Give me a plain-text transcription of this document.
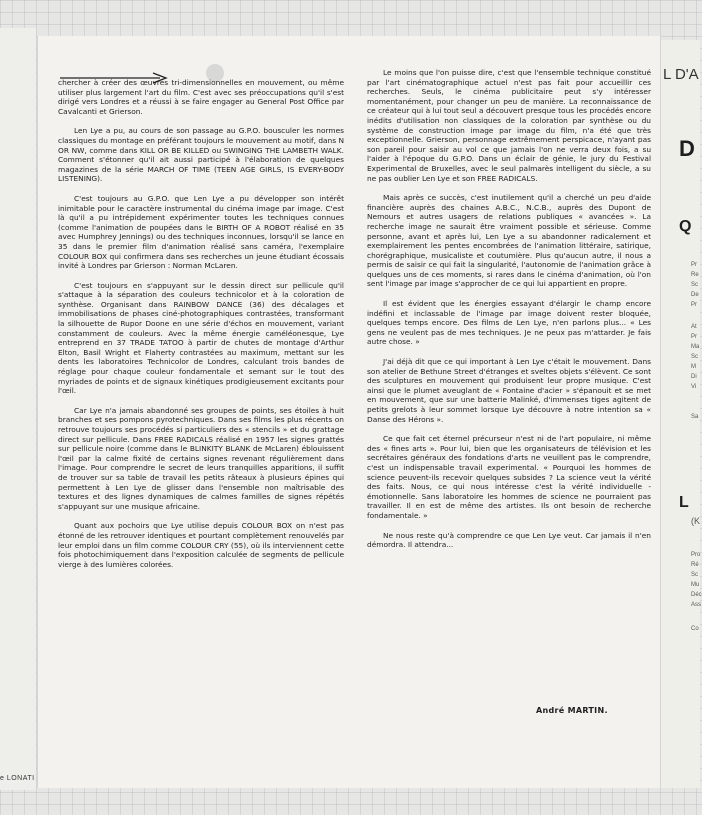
e LONATI

chercher à créer des œuvres tri-dimensionnelles en mouvement, ou même utiliser plus largement l'art du film. C'est avec ses préoccupations qu'il s'est dirigé vers Londres et a réussi à se faire engager au General Post Office par Cavalcanti et Grierson.

Len Lye a pu, au cours de son passage au G.P.O. bousculer les normes classiques du montage en préférant toujours le mouvement au motif, dans N OR NW, comme dans KILL OR BE KILLED ou SWINGING THE LAMBETH WALK. Comment s'étonner qu'il ait aussi participé à l'élaboration de quelques magazines de la série MARCH OF TIME (TEEN AGE GIRLS, IS EVERY-BODY LISTENING).

C'est toujours au G.P.O. que Len Lye a pu développer son intérêt inimitable pour le caractère instrumental du cinéma image par image. C'est là qu'il a pu intrépidement expérimenter toutes les techniques connues (comme l'animation de poupées dans le BIRTH OF A ROBOT réalisé en 35 avec Humphrey Jennings) ou des techniques inconnues, lorsqu'il se lance en 35 dans le premier film d'animation réalisé sans caméra, l'exemplaire COLOUR BOX qui confirmera dans ses recherches un jeune étudiant écossais invité à Londres par Grierson : Norman McLaren.

C'est toujours en s'appuyant sur le dessin direct sur pellicule qu'il s'attaque à la séparation des couleurs technicolor et à la coloration de synthèse. Organisant dans RAINBOW DANCE (36) des décalages et immobilisations de phases ciné-photographiques contrastées, transformant la silhouette de Rupor Doone en une série d'échos en mouvement, variant constamment de couleurs. Avec la même énergie caméléonesque, Lye entreprend en 37 TRADE TATOO à partir de chutes de montage d'Arthur Elton, Basil Wright et Flaherty contrastées au maximum, mettant sur les dents les laboratoires Technicolor de Londres, calculant trois bandes de réglage pour chaque couleur fondamentale et semant sur le tout des myriades de points et de signaux kinétiques prodigieusement excitants pour l'œil.

Car Lye n'a jamais abandonné ses groupes de points, ses étoiles à huit branches et ses pompons pyrotechniques. Dans ses films les plus récents on retrouve toujours ses procédés si particuliers des « stencils » et du grattage direct sur pellicule. Dans FREE RADICALS réalisé en 1957 les signes grattés sur pellicule noire (comme dans le BLINKITY BLANK de McLaren) éblouissent l'œil par la calme fixité de certains signes revenant régulièrement dans l'image. Pour comprendre le secret de leurs tranquilles apparitions, il suffit de trouver sur sa table de travail les petits râteaux à plusieurs épines qui permettent à Len Lye de glisser dans l'ensemble non maîtrisable des textures et des lignes dynamiques de calmes familles de signes répétés s'appuyant sur une musique africaine.

Quant aux pochoirs que Lye utilise depuis COLOUR BOX on n'est pas étonné de les retrouver identiques et pourtant complètement renouvelés par leur emploi dans un film comme COLOUR CRY (55), où ils interviennent cette fois photochimiquement dans l'exposition calculée de segments de pellicule vierge à des lumières colorées.

Le moins que l'on puisse dire, c'est que l'ensemble technique constitué par l'art cinématographique actuel n'est pas fait pour accueillir ces recherches. Seuls, le cinéma publicitaire peut s'y intéresser momentanément, pour changer un peu de manière. La reconnaissance de ce créateur qui à lui tout seul a découvert presque tous les procédés encore inédits d'utilisation non classiques de la coloration par synthèse ou du système de construction image par image du film, n'a été que très exceptionnelle. Grierson, personnage extrêmement perspicace, n'ayant pas son pareil pour saisir au vol ce que jamais l'on ne verra deux fois, a su l'aider à l'époque du G.P.O. Dans un éclair de génie, le jury du Festival Experimental de Bruxelles, avec le seul palmarès intelligent du siècle, a su ne pas oublier Len Lye et son FREE RADICALS.

Mais après ce succès, c'est inutilement qu'il a cherché un peu d'aide financière auprès des chaines A.B.C., N.C.B., auprès des Dupont de Nemours et autres usagers de relations publiques « avancées ». La recherche image ne saurait être vraiment possible et sérieuse. Comme personne, avant et après lui, Len Lye a su abandonner radicalement et exemplairement les pentes encombrées de l'animation littéraire, satirique, chorégraphique, musicaliste et coutumière. Plus qu'aucun autre, il nous a permis de saisir ce qui fait la singularité, l'autonomie de l'animation grâce à quelques uns de ces moments, si rares dans le cinéma d'animation, où l'on sent l'image par image s'approcher de ce qui lui appartient en propre.

Il est évident que les énergies essayant d'élargir le champ encore indéfini et inclassable de l'image par image doivent rester bloquée, quelques temps encore. Des films de Len Lye, n'en parlons plus... « Les gens ne veulent pas de mes techniques. Je ne peux pas m'attarder. Je fais autre chose. »

J'ai déjà dit que ce qui important à Len Lye c'était le mouvement. Dans son atelier de Bethune Street d'étranges et sveltes objets s'élèvent. Ce sont des sculptures en mouvement qui produisent leur propre musique. C'est ainsi que le plumet aveuglant de « Fontaine d'acier » s'épanouit et se met en mouvement, que sur une batterie Malinké, d'immenses tiges agitent de petits grelots à leur sommet lorsque Lye découvre à notre intention sa « Danse des Hérons ».

Ce que fait cet éternel précurseur n'est ni de l'art populaire, ni même des « fines arts ». Pour lui, bien que les organisateurs de télévision et les secrétaires généraux des fondations d'arts ne veuillent pas le comprendre, c'est un indispensable travail experimental. « Pourquoi les hommes de science peuvent-ils recevoir quelques subsides ? La science veut la vérité des faits. Nous, ce qui nous intéresse c'est la vérité individuelle - émotionnelle. Sans laboratoire les hommes de science ne pourraient pas travailler. Il en est de même des artistes. Ils ont besoin de recherche fondamentale. »

Ne nous reste qu'à comprendre ce que Len Lye veut. Car jamais il n'en démordra. Il attendra...

André MARTIN.
L D'A
D
Q
Pr
Re
Sc
De
Pr
At
Pr
Ma
Sc
M
Di
Vi
Sa
L
(K
Pro
Ré
Sc
Mu
Déc
Ass
Co
